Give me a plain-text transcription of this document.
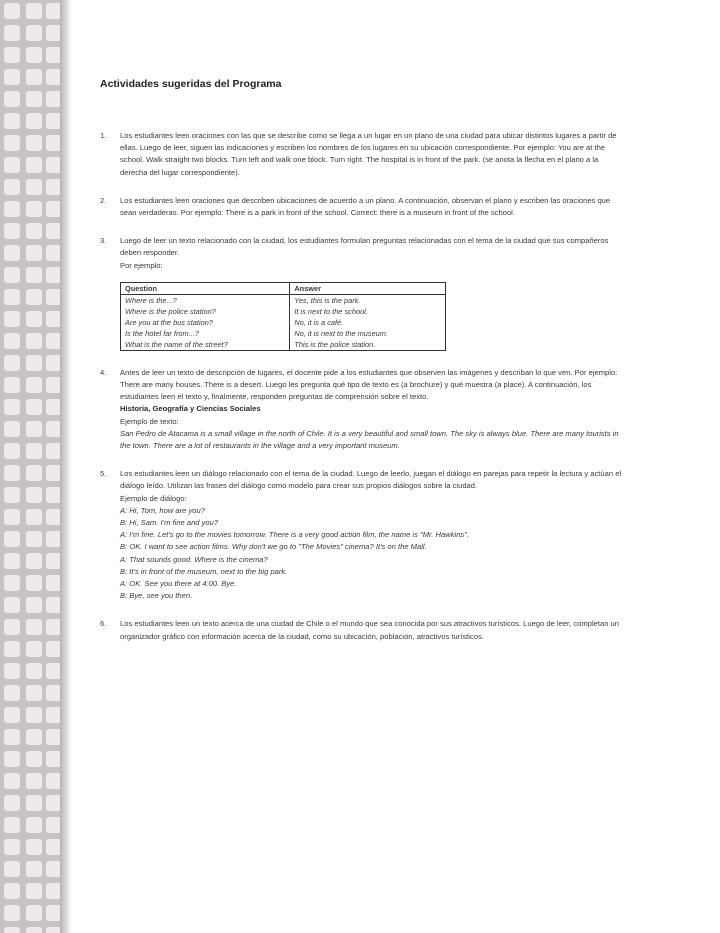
Actividades sugeridas del Programa
1. Los estudiantes leen oraciones con las que se describe como se llega a un lugar en un plano de una ciudad para ubicar distintos lugares a partir de ellas. Luego de leer, siguen las indicaciones y escriben los nombres de los lugares en su ubicación correspondiente. Por ejemplo: You are at the school. Walk straight two blocks. Turn left and walk one block. Turn right. The hospital is in front of the park. (se anota la flecha en el plano a la derecha del lugar correspondiente).

2. Los estudiantes leen oraciones que describen ubicaciones de acuerdo a un plano. A continuación, observan el plano y escriben las oraciones que sean verdaderas. Por ejemplo: There is a park in front of the school. Correct: there is a museum in front of the school.

3. Luego de leer un texto relacionado con la ciudad, los estudiantes formulan preguntas relacionadas con el tema de la ciudad que sus compañeros deben responder.

Por ejemplo:

Question	Answer
Where is the...?	Yes, this is the park.
Where is the police station?	It is next to the school.
Are you at the bus station?	No, it is a café.
Is the hotel far from...?	No, it is next to the museum.
What is the name of the street?	This is the police station.
4. Antes de leer un texto de descripción de lugares, el docente pide a los estudiantes que observen las imágenes y describan lo que ven. Por ejemplo: There are many houses. There is a desert. Luego les pregunta qué tipo de texto es (a brochure) y qué muestra (a place). A continuación, los estudiantes leen el texto y, finalmente, responden preguntas de comprensión sobre el texto.

Historia, Geografía y Ciencias Sociales

Ejemplo de texto:

San Pedro de Atacama is a small village in the north of Chile. It is a very beautiful and small town. The sky is always blue. There are many tourists in the town. There are a lot of restaurants in the village and a very important museum.

5. Los estudiantes leen un diálogo relacionado con el tema de la ciudad. Luego de leerlo, juegan el diálogo en parejas para repetir la lectura y actúan el diálogo leído. Utilizan las frases del diálogo como modelo para crear sus propios diálogos sobre la ciudad.

Ejemplo de diálogo:

A: Hi, Tom, how are you?

B: Hi, Sam. I'm fine and you?

A: I'm fine. Let's go to the movies tomorrow. There is a very good action film, the name is "Mr. Hawkins".

B: OK. I want to see action films. Why don't we go to "The Movies" cinema? It's on the Mall.

A: That sounds good. Where is the cinema?

B: It's in front of the museum, next to the big park.

A: OK. See you there at 4:00. Bye.

B: Bye, see you then.

6. Los estudiantes leen un texto acerca de una ciudad de Chile o el mundo que sea conocida por sus atractivos turísticos. Luego de leer, completan un organizador gráfico con información acerca de la ciudad, como su ubicación, población, atractivos turísticos.
